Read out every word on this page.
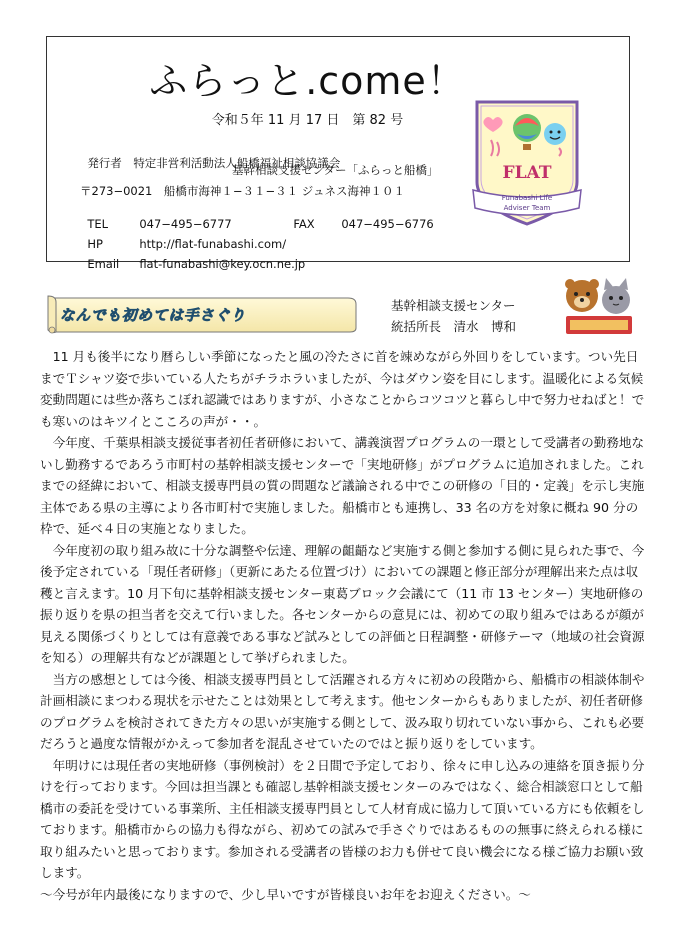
ふらっと.come！
令和５年 11 月 17 日　第 82 号

発行者　 特定非営利活動法人船橋福祉相談協議会

基幹相談支援センター「ふらっと船橋」
〒273−0021　船橋市海神１−３１−３１ ジュネス海神１０１

TEL	047−495−6777	FAX 047−495−6776

HP	http://flat-funabashi.com/

Email flat-funabashi@key.ocn.ne.jp

FLAT
Funabashi Life
Adviser Team
なんでも初めては手さぐり
基幹相談支援センター
統括所長　清水　博和

11 月も後半になり暦らしい季節になったと風の冷たさに首を竦めながら外回りをしています。つい先日までＴシャツ姿で歩いている人たちがチラホラいましたが、今はダウン姿を目にします。温暖化による気候変動問題には些か落ちこぼれ認識ではありますが、小さなことからコツコツと暮らし中で努力せねばと！でも寒いのはキツイとこころの声が・・。

今年度、千葉県相談支援従事者初任者研修において、講義演習プログラムの一環として受講者の勤務地ないし勤務するであろう市町村の基幹相談支援センターで「実地研修」がプログラムに追加されました。これまでの経緯において、相談支援専門員の質の問題など議論される中でこの研修の「目的・定義」を示し実施主体である県の主導により各市町村で実施しました。船橋市とも連携し、33 名の方を対象に概ね 90 分の枠で、延べ４日の実施となりました。

今年度初の取り組み故に十分な調整や伝達、理解の齟齬など実施する側と参加する側に見られた事で、今後予定されている「現任者研修」（更新にあたる位置づけ）においての課題と修正部分が理解出来た点は収穫と言えます。10 月下旬に基幹相談支援センター東葛ブロック会議にて（11 市 13 センター）実地研修の振り返りを県の担当者を交えて行いました。各センターからの意見には、初めての取り組みではあるが顔が見える関係づくりとしては有意義である事など試みとしての評価と日程調整・研修テーマ（地域の社会資源を知る）の理解共有などが課題として挙げられました。

当方の感想としては今後、相談支援専門員として活躍される方々に初めの段階から、船橋市の相談体制や計画相談にまつわる現状を示せたことは効果として考えます。他センターからもありましたが、初任者研修のプログラムを検討されてきた方々の思いが実施する側として、汲み取り切れていない事から、これも必要だろうと過度な情報がかえって参加者を混乱させていたのではと振り返りをしています。

年明けには現任者の実地研修（事例検討）を２日間で予定しており、徐々に申し込みの連絡を頂き振り分けを行っております。今回は担当課とも確認し基幹相談支援センターのみではなく、総合相談窓口として船橋市の委託を受けている事業所、主任相談支援専門員として人材育成に協力して頂いている方にも依頼をしております。船橋市からの協力も得ながら、初めての試みで手さぐりではあるものの無事に終えられる様に取り組みたいと思っております。参加される受講者の皆様のお力も併せて良い機会になる様ご協力お願い致します。

～今号が年内最後になりますので、少し早いですが皆様良いお年をお迎えください。～
